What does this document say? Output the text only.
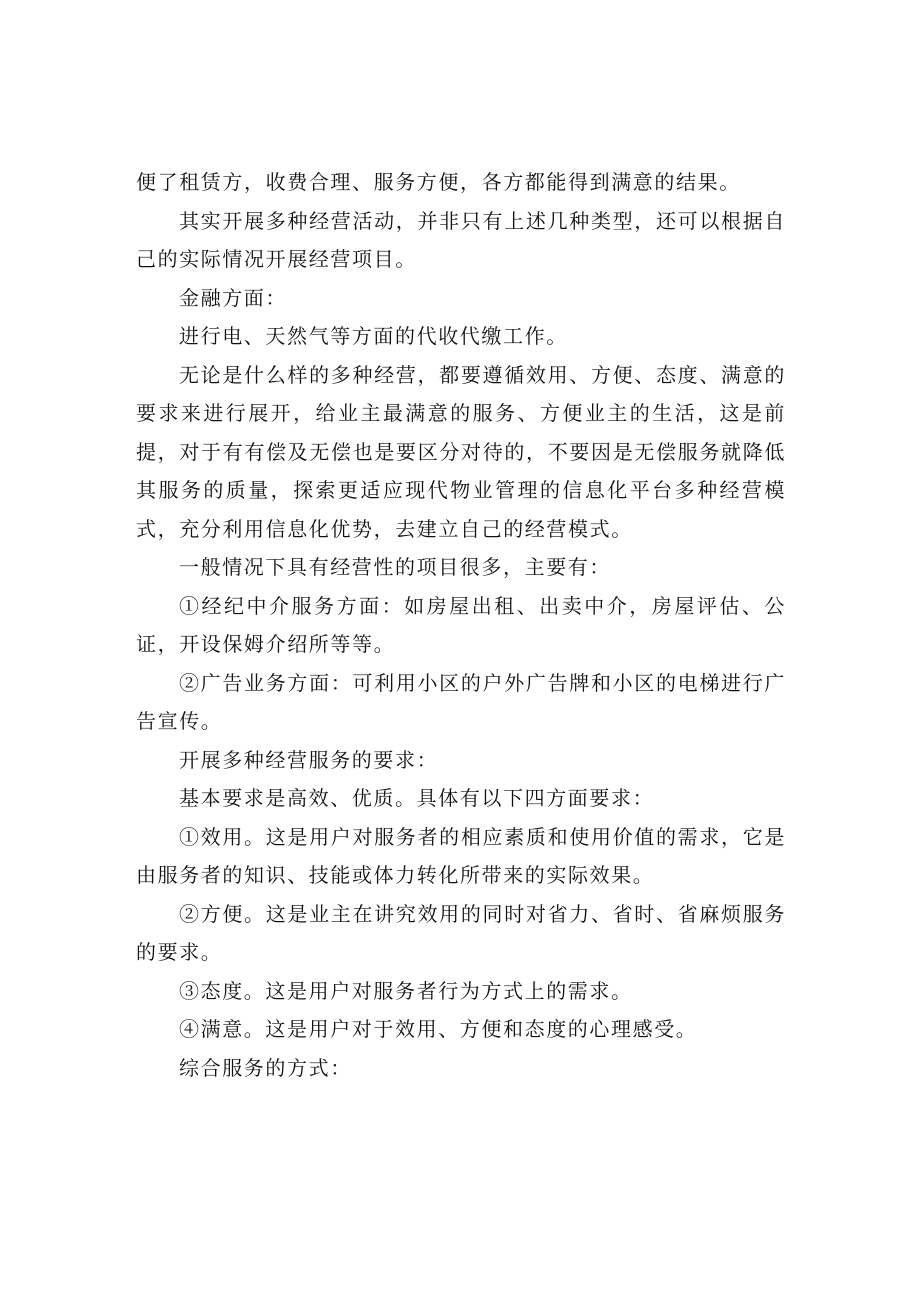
便了租赁方，收费合理、服务方便，各方都能得到满意的结果。

其实开展多种经营活动，并非只有上述几种类型，还可以根据自己的实际情况开展经营项目。

金融方面：

进行电、天然气等方面的代收代缴工作。

无论是什么样的多种经营，都要遵循效用、方便、态度、满意的要求来进行展开，给业主最满意的服务、方便业主的生活，这是前提，对于有有偿及无偿也是要区分对待的，不要因是无偿服务就降低其服务的质量，探索更适应现代物业管理的信息化平台多种经营模式，充分利用信息化优势，去建立自己的经营模式。

一般情况下具有经营性的项目很多，主要有：

①经纪中介服务方面：如房屋出租、出卖中介，房屋评估、公证，开设保姆介绍所等等。

②广告业务方面：可利用小区的户外广告牌和小区的电梯进行广告宣传。

开展多种经营服务的要求：

基本要求是高效、优质。具体有以下四方面要求：

①效用。这是用户对服务者的相应素质和使用价值的需求，它是由服务者的知识、技能或体力转化所带来的实际效果。

②方便。这是业主在讲究效用的同时对省力、省时、省麻烦服务的要求。

③态度。这是用户对服务者行为方式上的需求。

④满意。这是用户对于效用、方便和态度的心理感受。

综合服务的方式：
